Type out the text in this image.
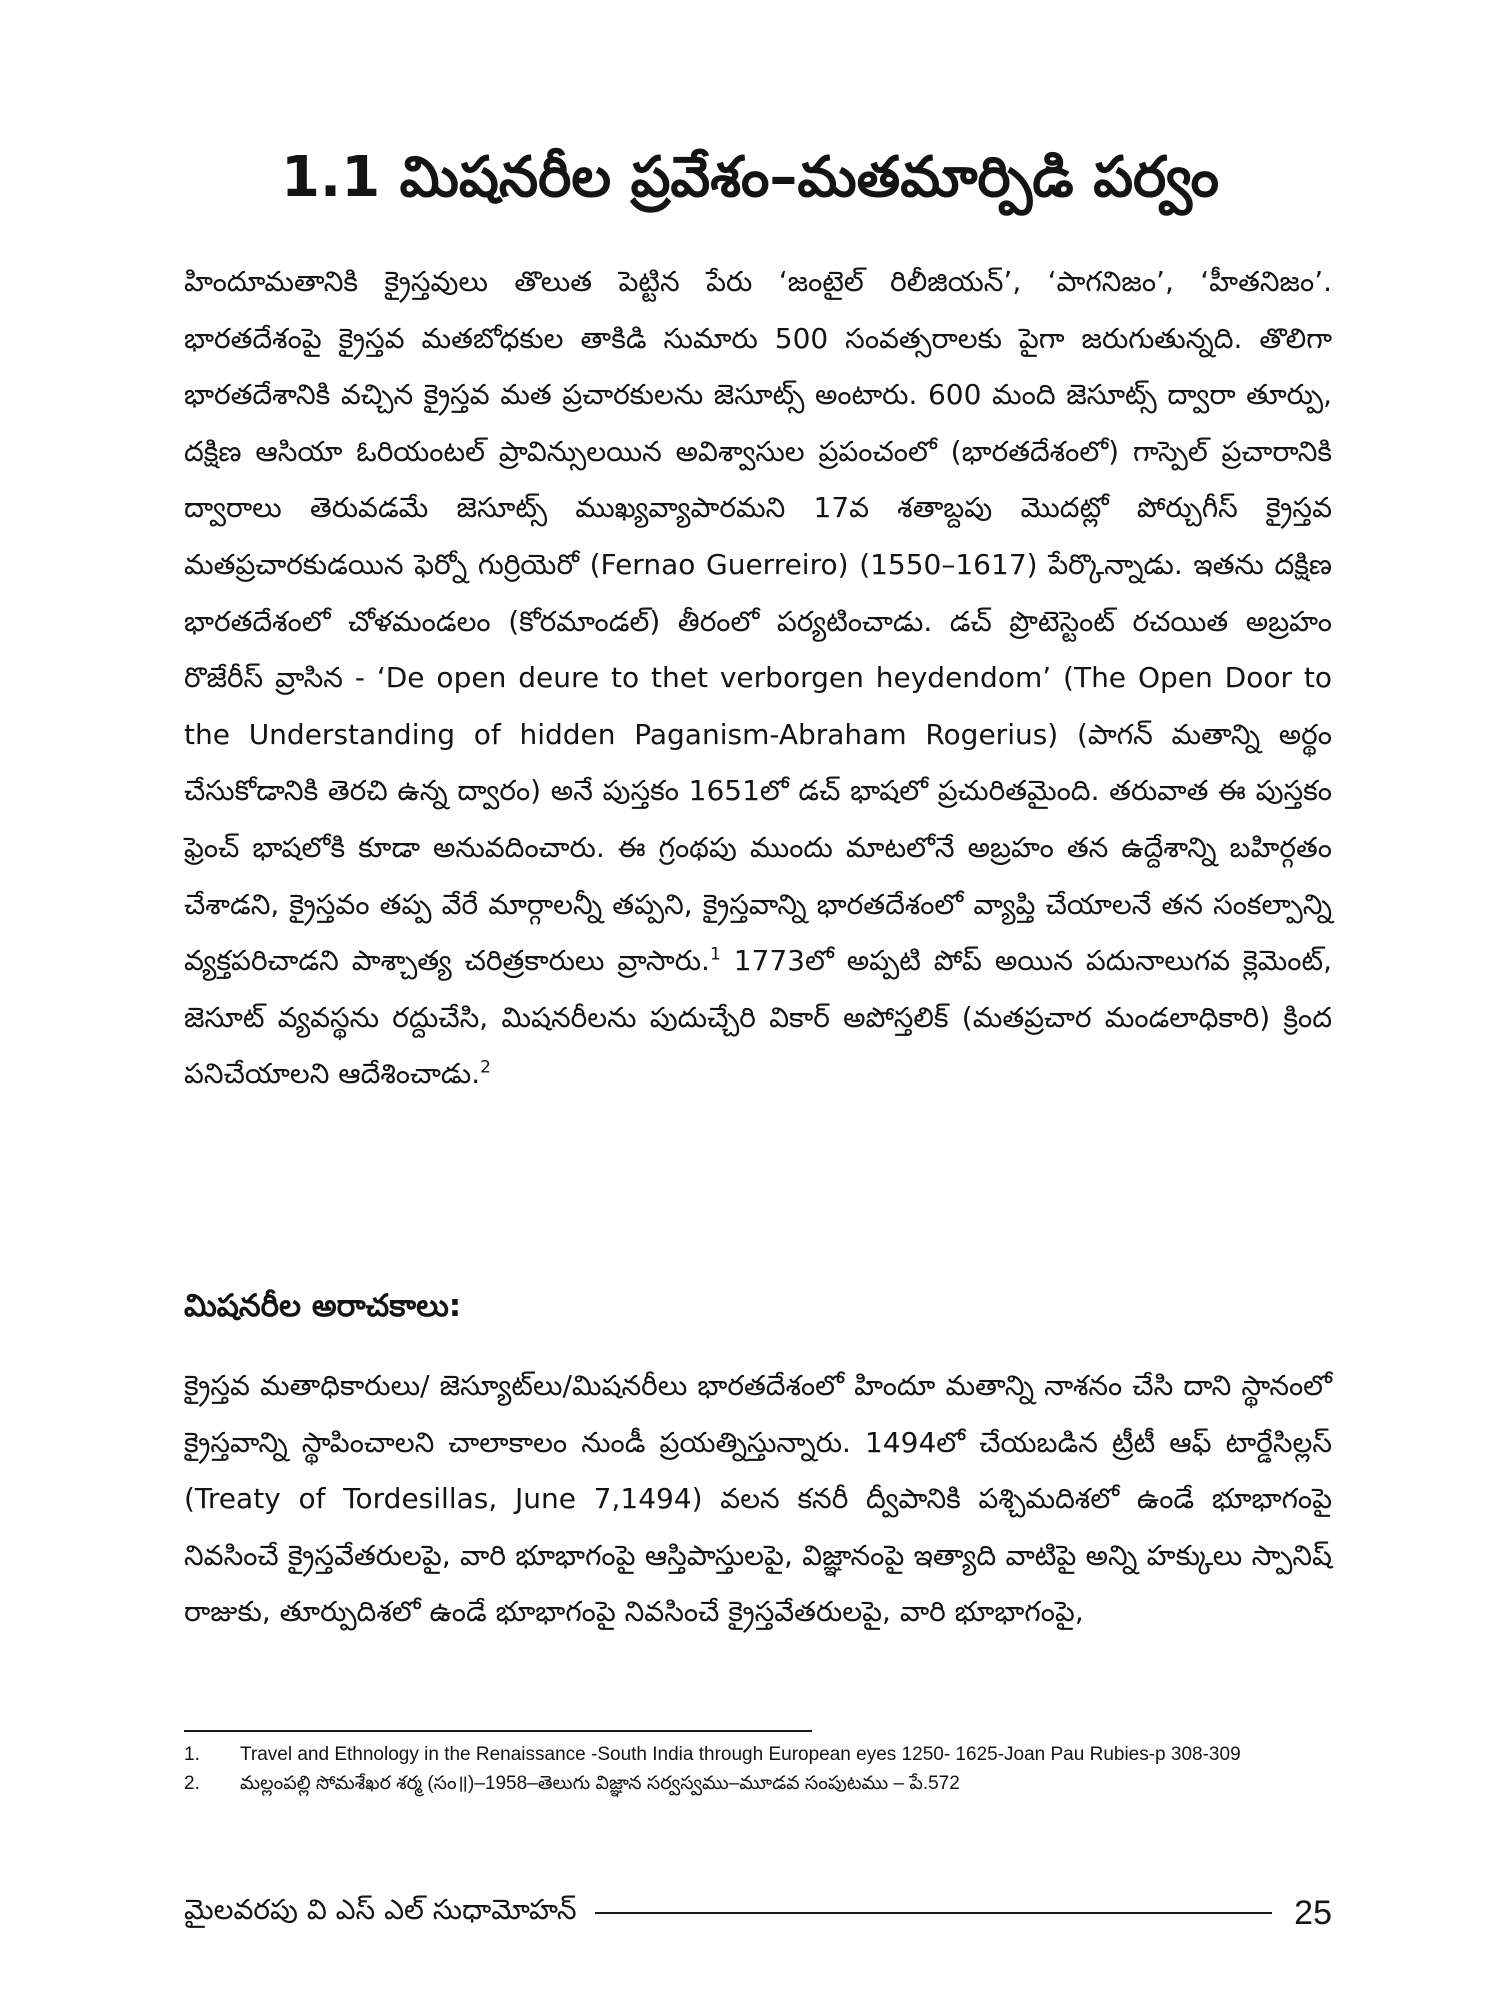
1.1 మిషనరీల ప్రవేశం–మతమార్పిడి పర్వం

హిందూమతానికి క్రైస్తవులు తొలుత పెట్టిన పేరు ‘జంటైల్ రిలీజియన్’, ‘పాగనిజం’, ‘హీతనిజం’. భారతదేశంపై క్రైస్తవ మతబోధకుల తాకిడి సుమారు 500 సంవత్సరాలకు పైగా జరుగుతున్నది. తొలిగా భారతదేశానికి వచ్చిన క్రైస్తవ మత ప్రచారకులను జెసూట్స్ అంటారు. 600 మంది జెసూట్స్ ద్వారా తూర్పు, దక్షిణ ఆసియా ఓరియంటల్ ప్రావిన్సులయిన అవిశ్వాసుల ప్రపంచంలో (భారతదేశంలో) గాస్పెల్ ప్రచారానికి ద్వారాలు తెరువడమే జెసూట్స్ ముఖ్యవ్యాపారమని 17వ శతాబ్దపు మొదట్లో పోర్చుగీస్ క్రైస్తవ మతప్రచారకుడయిన ఫెర్నో గుర్రియెరో (Fernao Guerreiro) (1550–1617) పేర్కొన్నాడు. ఇతను దక్షిణ భారతదేశంలో చోళమండలం (కోరమాండల్) తీరంలో పర్యటించాడు. డచ్ ప్రొటెస్టెంట్ రచయిత అబ్రహం రొజేరీస్ వ్రాసిన - ‘De open deure to thet verborgen heydendom’ (The Open Door to the Understanding of hidden Paganism-Abraham Rogerius) (పాగన్ మతాన్ని అర్థం చేసుకోడానికి తెరచి ఉన్న ద్వారం) అనే పుస్తకం 1651లో డచ్ భాషలో ప్రచురితమైంది. తరువాత ఈ పుస్తకం ఫ్రెంచ్ భాషలోకి కూడా అనువదించారు. ఈ గ్రంథపు ముందు మాటలోనే అబ్రహం తన ఉద్దేశాన్ని బహిర్గతం చేశాడని, క్రైస్తవం తప్ప వేరే మార్గాలన్నీ తప్పని, క్రైస్తవాన్ని భారతదేశంలో వ్యాప్తి చేయాలనే తన సంకల్పాన్ని వ్యక్తపరిచాడని పాశ్చాత్య చరిత్రకారులు వ్రాసారు.$^1$ 1773లో అప్పటి పోప్ అయిన పదునాలుగవ క్లెమెంట్, జెసూట్ వ్యవస్థను రద్దుచేసి, మిషనరీలను పుదుచ్చేరి వికార్ అపోస్తలిక్ (మతప్రచార మండలాధికారి) క్రింద పనిచేయాలని ఆదేశించాడు.$^2$

మిషనరీల అరాచకాలు:

క్రైస్తవ మతాధికారులు/ జెస్యూట్‌లు/మిషనరీలు భారతదేశంలో హిందూ మతాన్ని నాశనం చేసి దాని స్థానంలో క్రైస్తవాన్ని స్థాపించాలని చాలాకాలం నుండీ ప్రయత్నిస్తున్నారు. 1494లో చేయబడిన ట్రీటీ ఆఫ్ టార్డేసిల్లస్ (Treaty of Tordesillas, June 7,1494) వలన కనరీ ద్వీపానికి పశ్చిమదిశలో ఉండే భూభాగంపై నివసించే క్రైస్తవేతరులపై, వారి భూభాగంపై ఆస్తిపాస్తులపై, విజ్ఞానంపై ఇత్యాది వాటిపై అన్ని హక్కులు స్పానిష్ రాజుకు, తూర్పుదిశలో ఉండే భూభాగంపై నివసించే క్రైస్తవేతరులపై, వారి భూభాగంపై,

1.	Travel and Ethnology in the Renaissance -South India through European eyes 1250- 1625-Joan Pau Rubies-p 308-309
2.	మల్లంపల్లి సోమశేఖర శర్మ (సం॥)–1958–తెలుగు విజ్ఞాన సర్వస్వము–మూడవ సంపుటము – పే.572
మైలవరపు వి ఎస్ ఎల్ సుధామోహన్	25
